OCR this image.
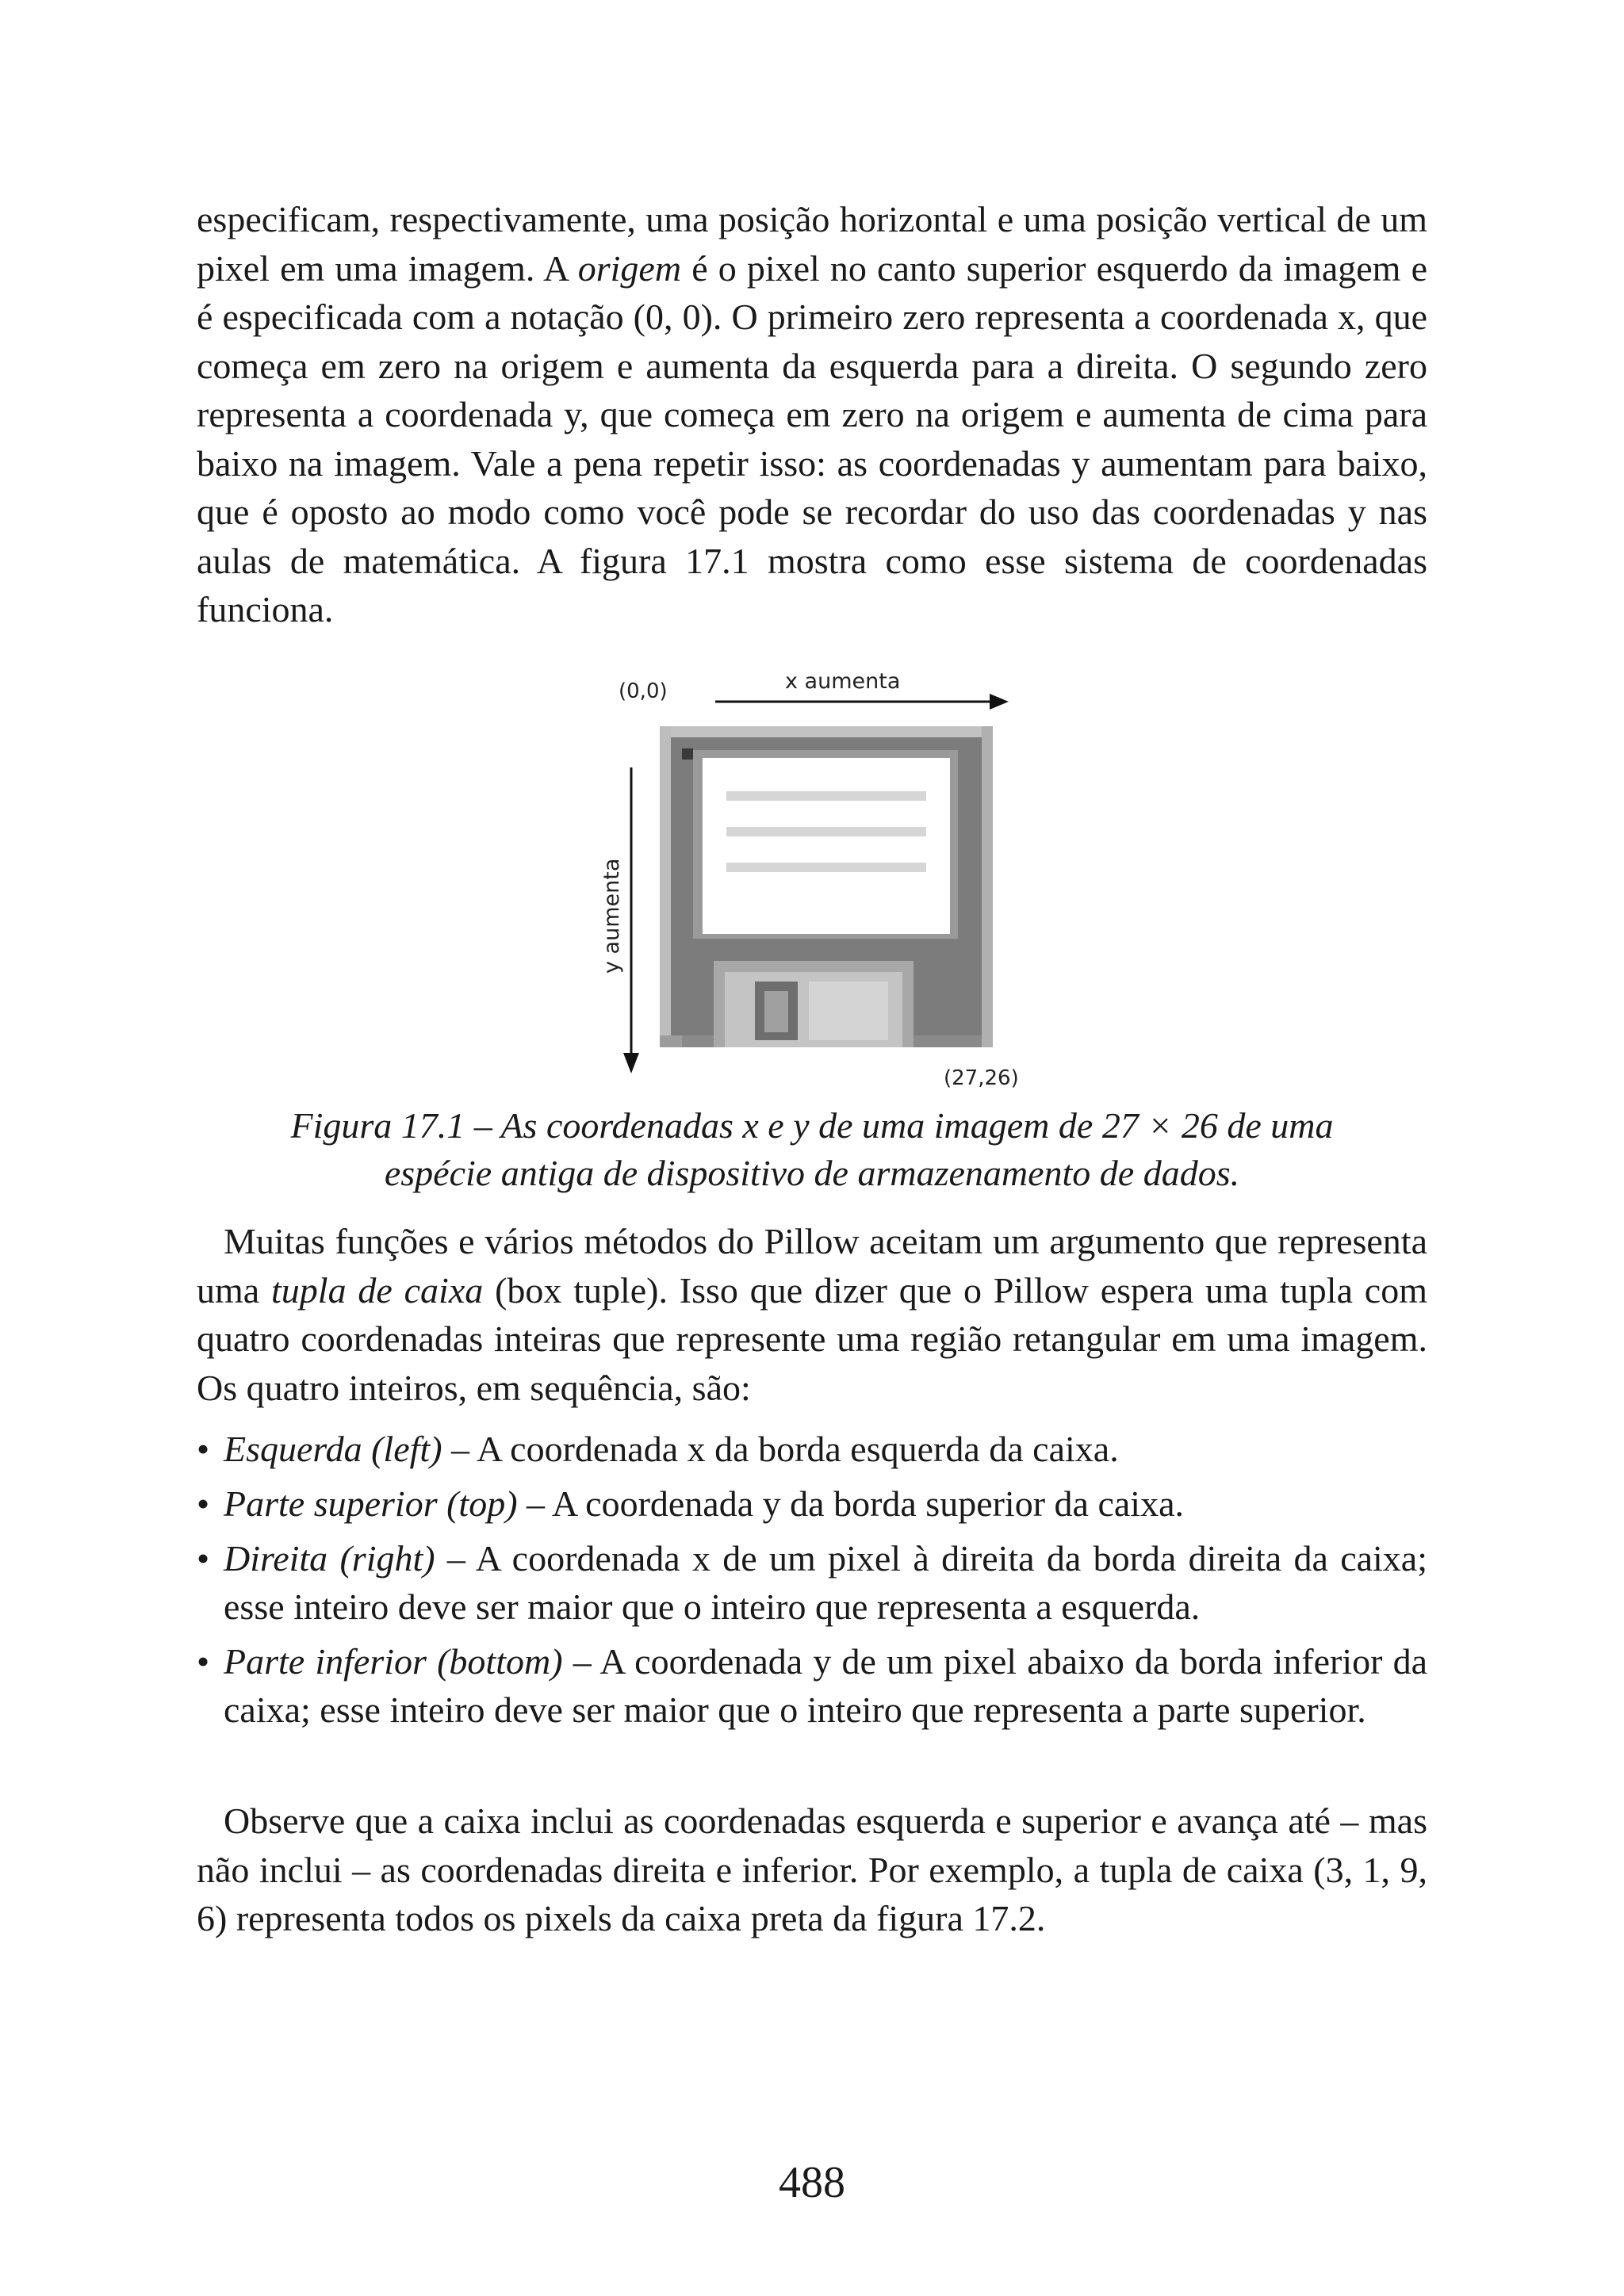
especificam, respectivamente, uma posição horizontal e uma posição vertical de um pixel em uma imagem. A origem é o pixel no canto superior esquerdo da imagem e é especificada com a notação (0, 0). O primeiro zero representa a coordenada x, que começa em zero na origem e aumenta da esquerda para a direita. O segundo zero representa a coordenada y, que começa em zero na origem e aumenta de cima para baixo na imagem. Vale a pena repetir isso: as coordenadas y aumentam para baixo, que é oposto ao modo como você pode se recordar do uso das coordenadas y nas aulas de matemática. A figura 17.1 mostra como esse sistema de coordenadas funciona.

(0,0)	x aumenta
y aumenta
(27,26)
Figura 17.1 – As coordenadas x e y de uma imagem de 27 × 26 de uma
espécie antiga de dispositivo de armazenamento de dados.

Muitas funções e vários métodos do Pillow aceitam um argumento que representa uma tupla de caixa (box tuple). Isso que dizer que o Pillow espera uma tupla com quatro coordenadas inteiras que represente uma região retangular em uma imagem. Os quatro inteiros, em sequência, são:

• Esquerda (left) – A coordenada x da borda esquerda da caixa.
• Parte superior (top) – A coordenada y da borda superior da caixa.
• Direita (right) – A coordenada x de um pixel à direita da borda direita da caixa; esse inteiro deve ser maior que o inteiro que representa a esquerda.
• Parte inferior (bottom) – A coordenada y de um pixel abaixo da borda inferior da caixa; esse inteiro deve ser maior que o inteiro que representa a parte superior.

Observe que a caixa inclui as coordenadas esquerda e superior e avança até – mas não inclui – as coordenadas direita e inferior. Por exemplo, a tupla de caixa (3, 1, 9, 6) representa todos os pixels da caixa preta da figura 17.2.

488
